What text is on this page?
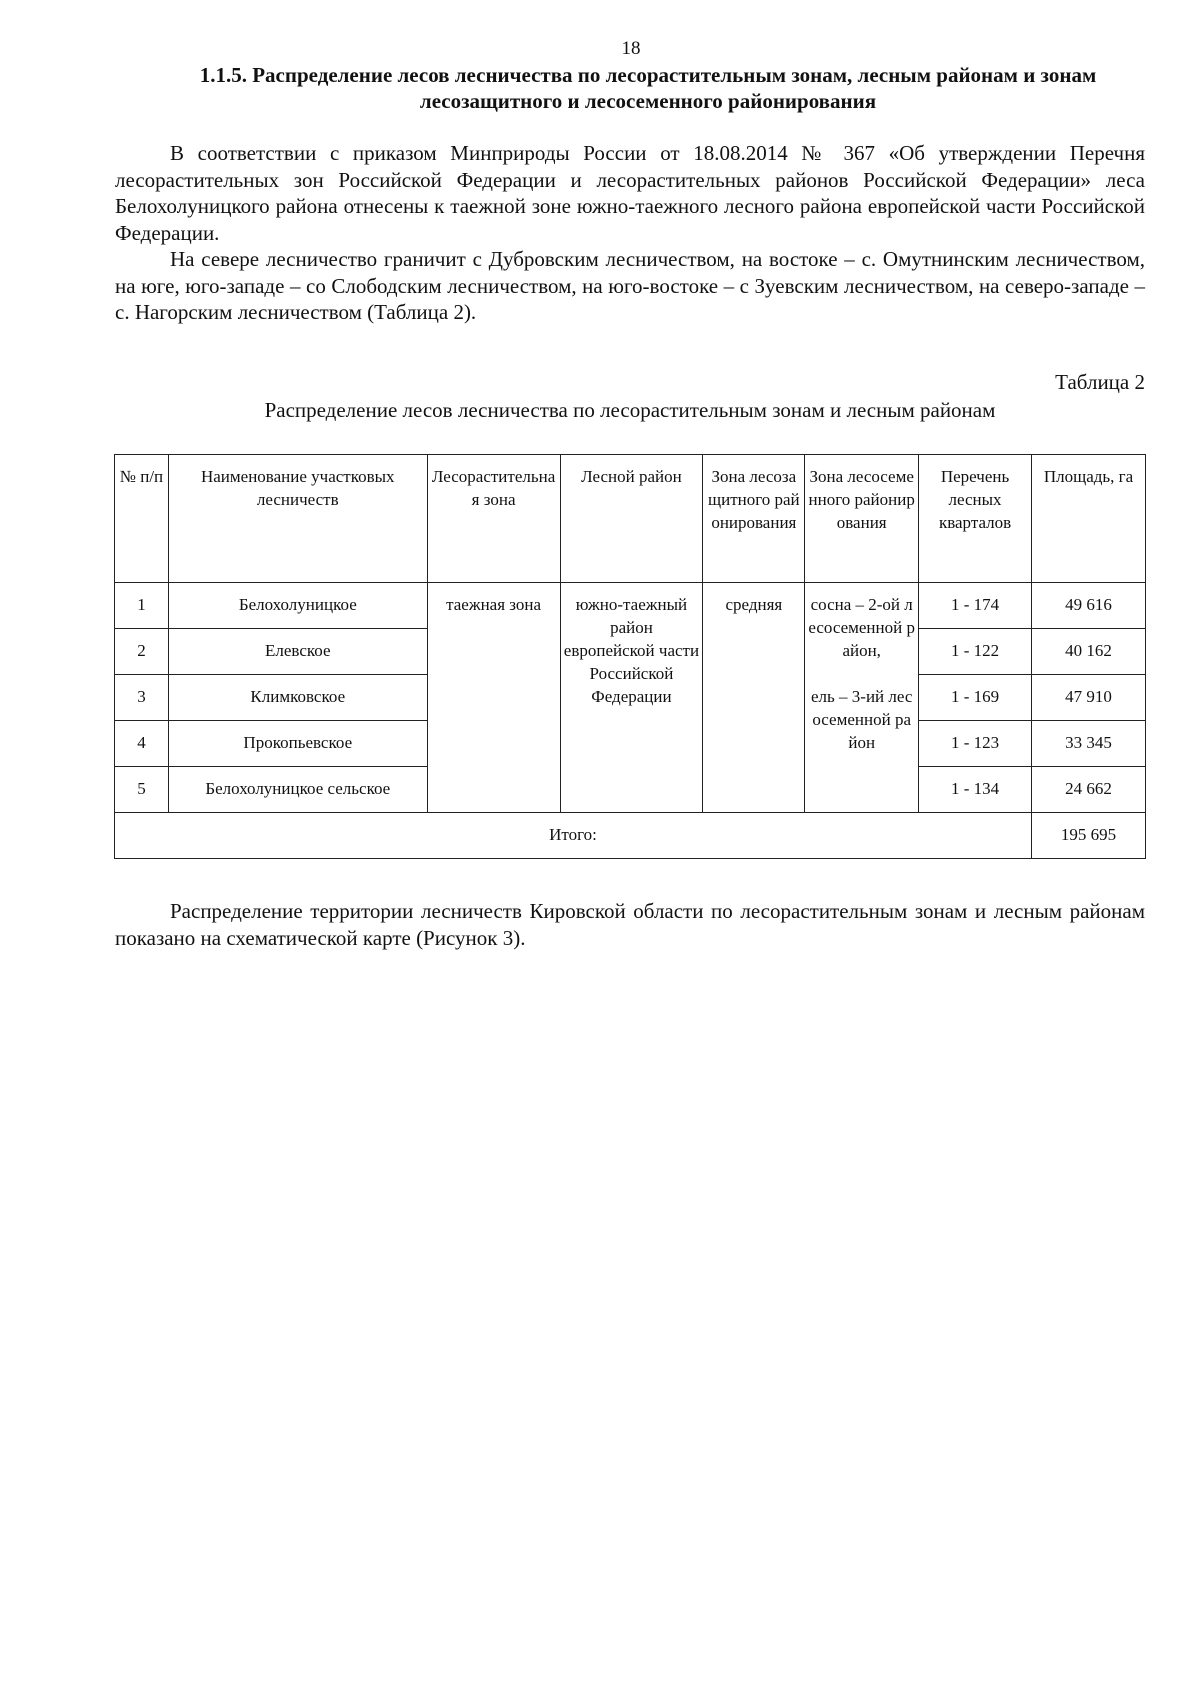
18
1.1.5. Распределение лесов лесничества по лесорастительным зонам, лесным районам и зонам лесозащитного и лесосеменного районирования

В соответствии с приказом Минприроды России от 18.08.2014 № 367 «Об утверждении Перечня лесорастительных зон Российской Федерации и лесорастительных районов Российской Федерации» леса Белохолуницкого района отнесены к таежной зоне южно-таежного лесного района европейской части Российской Федерации.

На севере лесничество граничит с Дубровским лесничеством, на востоке – с. Омутнинским лесничеством, на юге, юго-западе – со Слободским лесничеством, на юго-востоке – с Зуевским лесничеством, на северо-западе – с. Нагорским лесничеством (Таблица 2).

Таблица 2
Распределение лесов лесничества по лесорастительным зонам и лесным районам
№ п/п	Наименование участковых лесничеств	Лесорастительная зона	Лесной район	Зона лесозащитного районирования	Зона лесосеменного районирования	Перечень лесных кварталов	Площадь, га
1	Белохолуницкое	таежная зона	южно-таежный район европейской части Российской Федерации	средняя	сосна – 2-ой лесосеменной район,
ель – 3-ий лесосеменной район	1 - 174	49 616
2	Елевское					1 - 122	40 162
3	Климковское					1 - 169	47 910
4	Прокопьевское					1 - 123	33 345
5	Белохолуницкое сельское					1 - 134	24 662
Итого:							195 695

Распределение территории лесничеств Кировской области по лесорастительным зонам и лесным районам показано на схематической карте (Рисунок 3).
